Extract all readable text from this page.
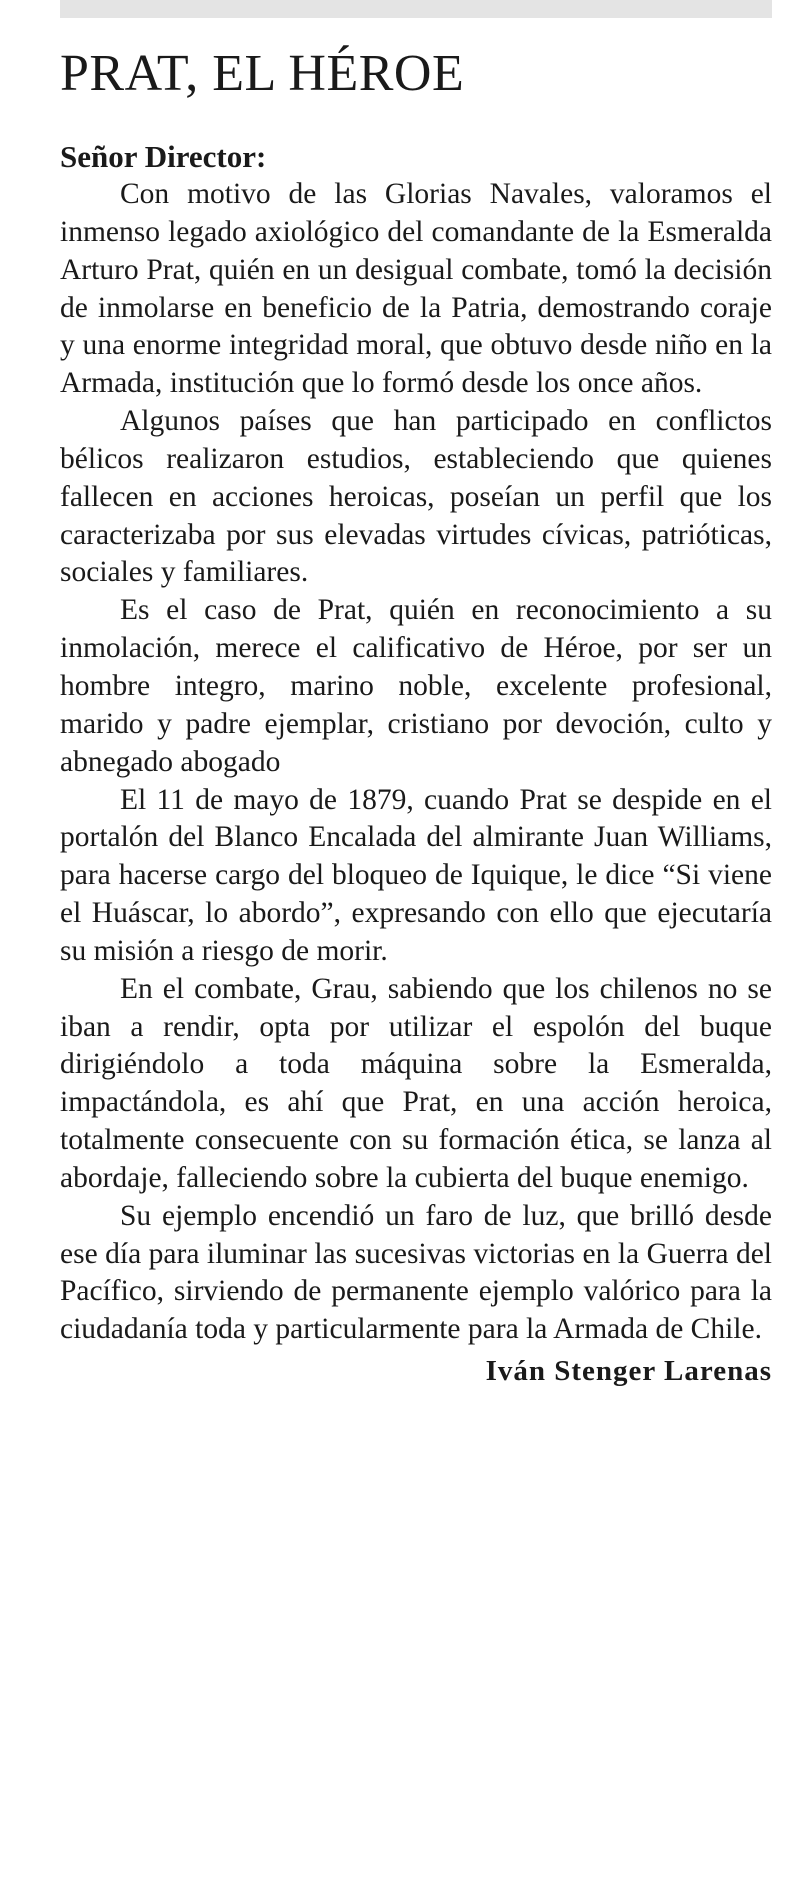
PRAT, EL HÉROE
Señor Director:

Con motivo de las Glorias Navales, valoramos el inmenso legado axiológico del comandante de la Esmeralda Arturo Prat, quién en un desigual combate, tomó la decisión de inmolarse en beneficio de la Patria, demostrando coraje y una enorme integridad moral, que obtuvo desde niño en la Armada, institución que lo formó desde los once años.

Algunos países que han participado en conflictos bélicos realizaron estudios, estableciendo que quienes fallecen en acciones heroicas, poseían un perfil que los caracterizaba por sus elevadas virtudes cívicas, patrióticas, sociales y familiares.

Es el caso de Prat, quién en reconocimiento a su inmolación, merece el calificativo de Héroe, por ser un hombre integro, marino noble, excelente profesional, marido y padre ejemplar, cristiano por devoción, culto y abnegado abogado

El 11 de mayo de 1879, cuando Prat se despide en el portalón del Blanco Encalada del almirante Juan Williams, para hacerse cargo del bloqueo de Iquique, le dice “Si viene el Huáscar, lo abordo”, expresando con ello que ejecutaría su misión a riesgo de morir.

En el combate, Grau, sabiendo que los chilenos no se iban a rendir, opta por utilizar el espolón del buque dirigiéndolo a toda máquina sobre la Esmeralda, impactándola, es ahí que Prat, en una acción heroica, totalmente consecuente con su formación ética, se lanza al abordaje, falleciendo sobre la cubierta del buque enemigo.

Su ejemplo encendió un faro de luz, que brilló desde ese día para iluminar las sucesivas victorias en la Guerra del Pacífico, sirviendo de permanente ejemplo valórico para la ciudadanía toda y particularmente para la Armada de Chile.

Iván Stenger Larenas
